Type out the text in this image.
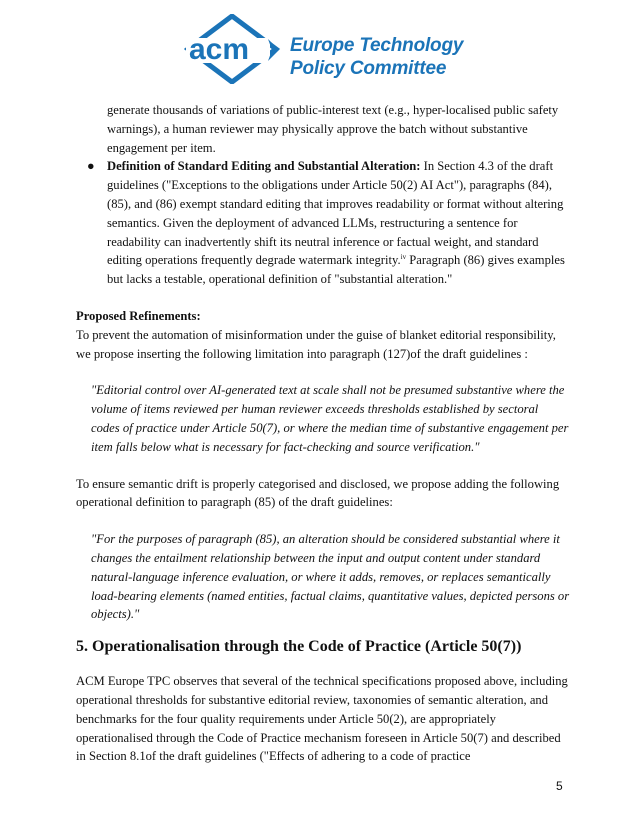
acm Europe Technology
Policy Committee
generate thousands of variations of public-interest text (e.g., hyper-localised public safety warnings), a human reviewer may physically approve the batch without substantive engagement per item.
● Definition of Standard Editing and Substantial Alteration: In Section 4.3 of the draft guidelines ("Exceptions to the obligations under Article 50(2) AI Act"), paragraphs (84), (85), and (86) exempt standard editing that improves readability or format without altering semantics. Given the deployment of advanced LLMs, restructuring a sentence for readability can inadvertently shift its neutral inference or factual weight, and standard editing operations frequently degrade watermark integrity.$^{iv}$ Paragraph (86) gives examples but lacks a testable, operational definition of "substantial alteration."
Proposed Refinements:
To prevent the automation of misinformation under the guise of blanket editorial responsibility, we propose inserting the following limitation into paragraph (127)of the draft guidelines :
"Editorial control over AI-generated text at scale shall not be presumed substantive where the volume of items reviewed per human reviewer exceeds thresholds established by sectoral codes of practice under Article 50(7), or where the median time of substantive engagement per item falls below what is necessary for fact-checking and source verification."
To ensure semantic drift is properly categorised and disclosed, we propose adding the following operational definition to paragraph (85) of the draft guidelines:
"For the purposes of paragraph (85), an alteration should be considered substantial where it changes the entailment relationship between the input and output content under standard natural-language inference evaluation, or where it adds, removes, or replaces semantically load-bearing elements (named entities, factual claims, quantitative values, depicted persons or objects)."
5. Operationalisation through the Code of Practice (Article 50(7))
ACM Europe TPC observes that several of the technical specifications proposed above, including operational thresholds for substantive editorial review, taxonomies of semantic alteration, and benchmarks for the four quality requirements under Article 50(2), are appropriately operationalised through the Code of Practice mechanism foreseen in Article 50(7) and described in Section 8.1of the draft guidelines ("Effects of adhering to a code of practice
5
